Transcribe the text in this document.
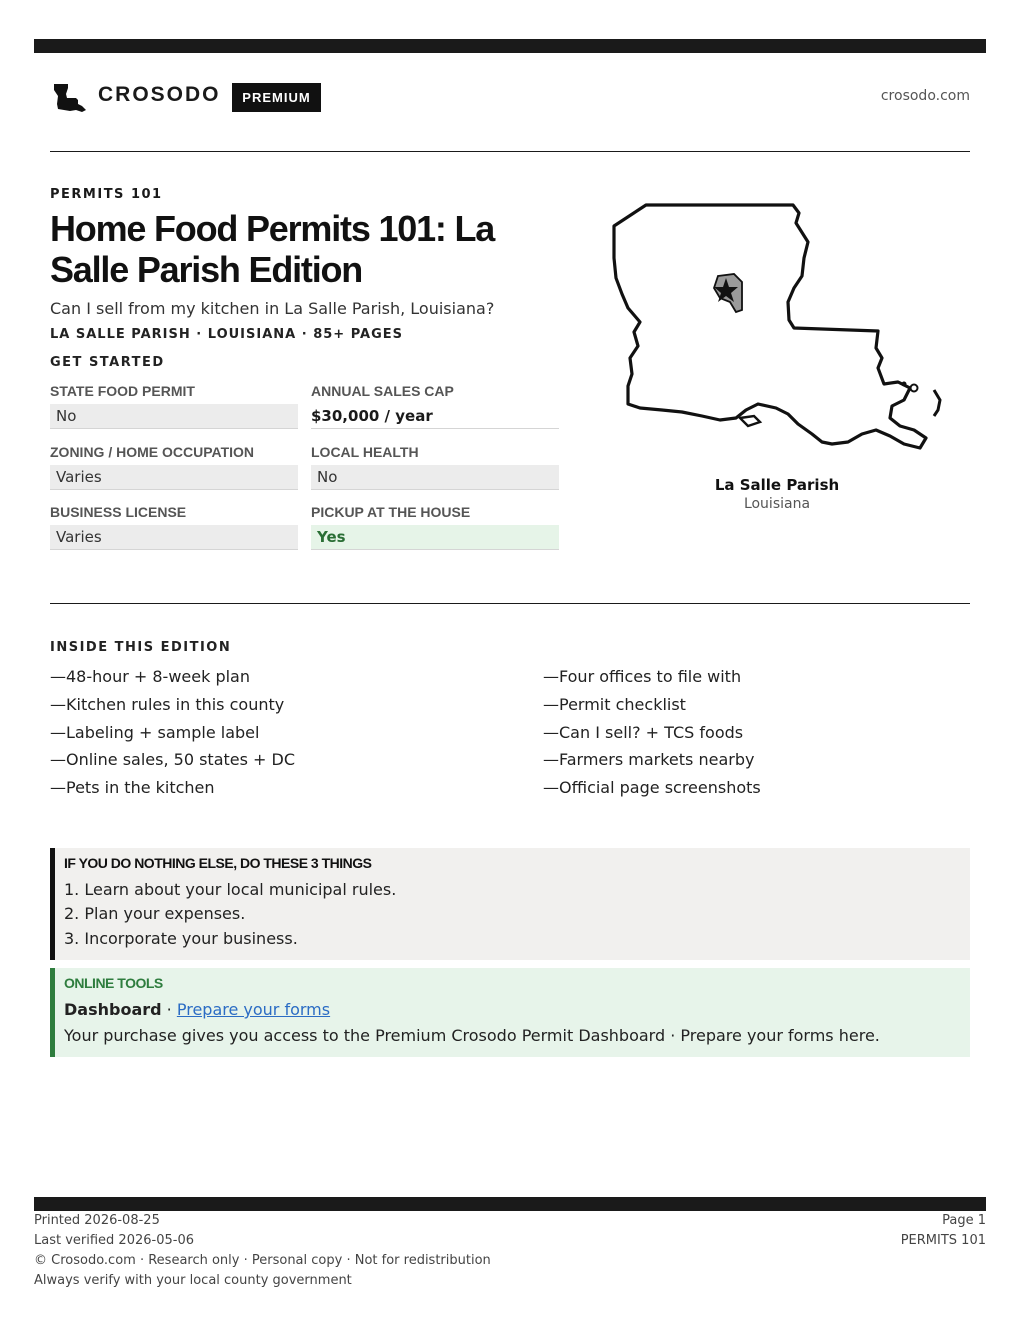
CROSODO	PREMIUM	crosodo.com
PERMITS 101
Home Food Permits 101: La Salle Parish Edition
Can I sell from my kitchen in La Salle Parish, Louisiana?
LA SALLE PARISH · LOUISIANA · 85+ PAGES
GET STARTED
STATE FOOD PERMIT
No
ANNUAL SALES CAP
$30,000 / year
ZONING / HOME OCCUPATION
Varies
LOCAL HEALTH
No
BUSINESS LICENSE
Varies
PICKUP AT THE HOUSE
Yes
La Salle Parish
Louisiana
INSIDE THIS EDITION
—48-hour + 8-week plan
—Kitchen rules in this county
—Labeling + sample label
—Online sales, 50 states + DC
—Pets in the kitchen
—Four offices to file with
—Permit checklist
—Can I sell? + TCS foods
—Farmers markets nearby
—Official page screenshots
IF YOU DO NOTHING ELSE, DO THESE 3 THINGS
1. Learn about your local municipal rules.
2. Plan your expenses.
3. Incorporate your business.
ONLINE TOOLS
Dashboard · Prepare your forms
Your purchase gives you access to the Premium Crosodo Permit Dashboard · Prepare your forms here.
Printed 2026-08-25
Last verified 2026-05-06
© Crosodo.com · Research only · Personal copy · Not for redistribution
Always verify with your local county government
Page 1
PERMITS 101
